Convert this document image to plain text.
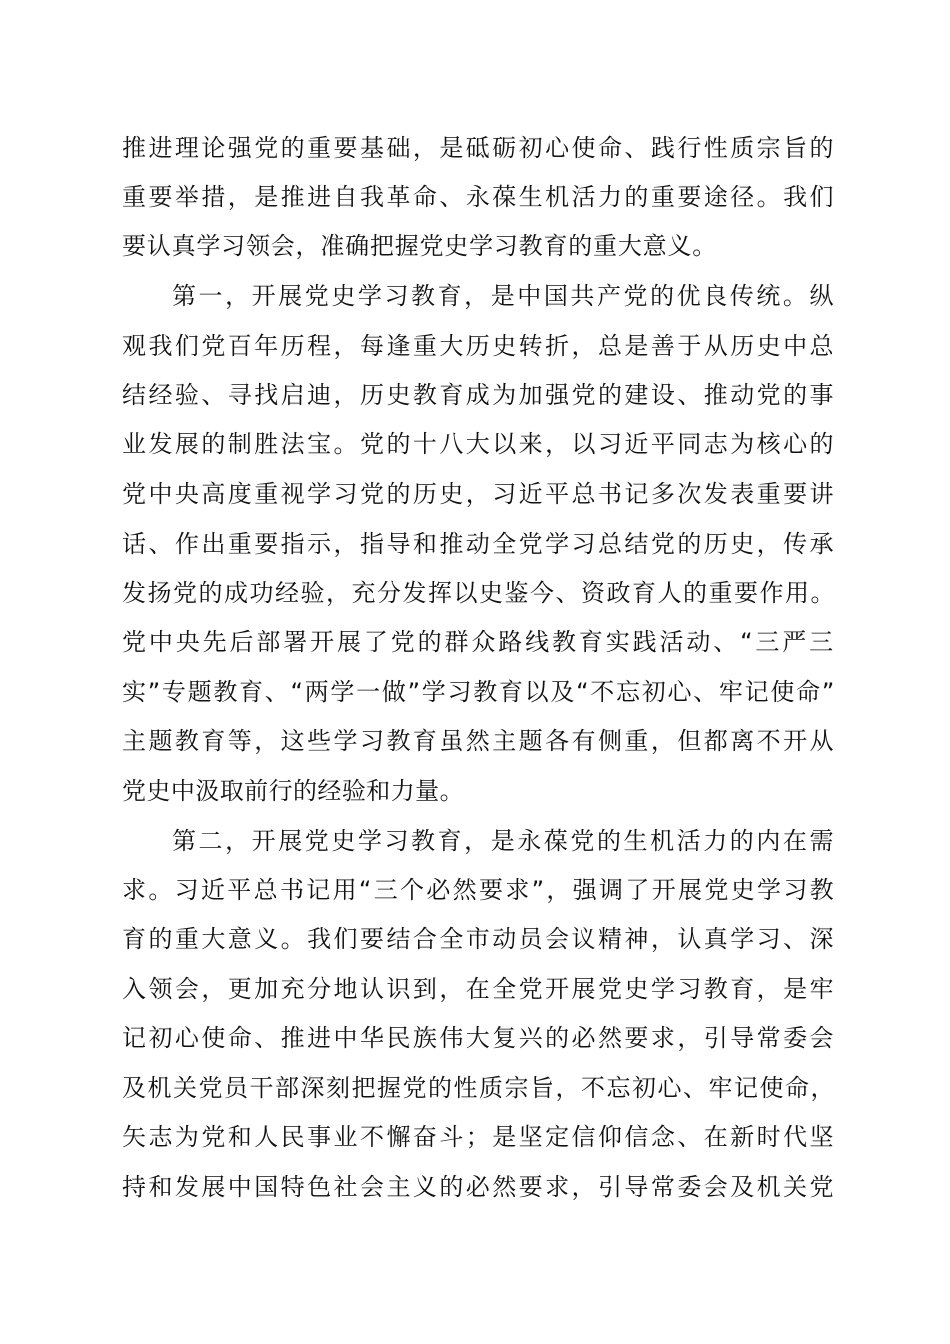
推进理论强党的重要基础，是砥砺初心使命、践行性质宗旨的
重要举措，是推进自我革命、永葆生机活力的重要途径。我们
要认真学习领会，准确把握党史学习教育的重大意义。
第一，开展党史学习教育，是中国共产党的优良传统。纵
观我们党百年历程，每逢重大历史转折，总是善于从历史中总
结经验、寻找启迪，历史教育成为加强党的建设、推动党的事
业发展的制胜法宝。党的十八大以来，以习近平同志为核心的
党中央高度重视学习党的历史，习近平总书记多次发表重要讲
话、作出重要指示，指导和推动全党学习总结党的历史，传承
发扬党的成功经验，充分发挥以史鉴今、资政育人的重要作用。
党中央先后部署开展了党的群众路线教育实践活动、“三严三
实”专题教育、“两学一做”学习教育以及“不忘初心、牢记使命”
主题教育等，这些学习教育虽然主题各有侧重，但都离不开从
党史中汲取前行的经验和力量。
第二，开展党史学习教育，是永葆党的生机活力的内在需
求。习近平总书记用“三个必然要求”，强调了开展党史学习教
育的重大意义。我们要结合全市动员会议精神，认真学习、深
入领会，更加充分地认识到，在全党开展党史学习教育，是牢
记初心使命、推进中华民族伟大复兴的必然要求，引导常委会
及机关党员干部深刻把握党的性质宗旨，不忘初心、牢记使命，
矢志为党和人民事业不懈奋斗；是坚定信仰信念、在新时代坚
持和发展中国特色社会主义的必然要求，引导常委会及机关党
